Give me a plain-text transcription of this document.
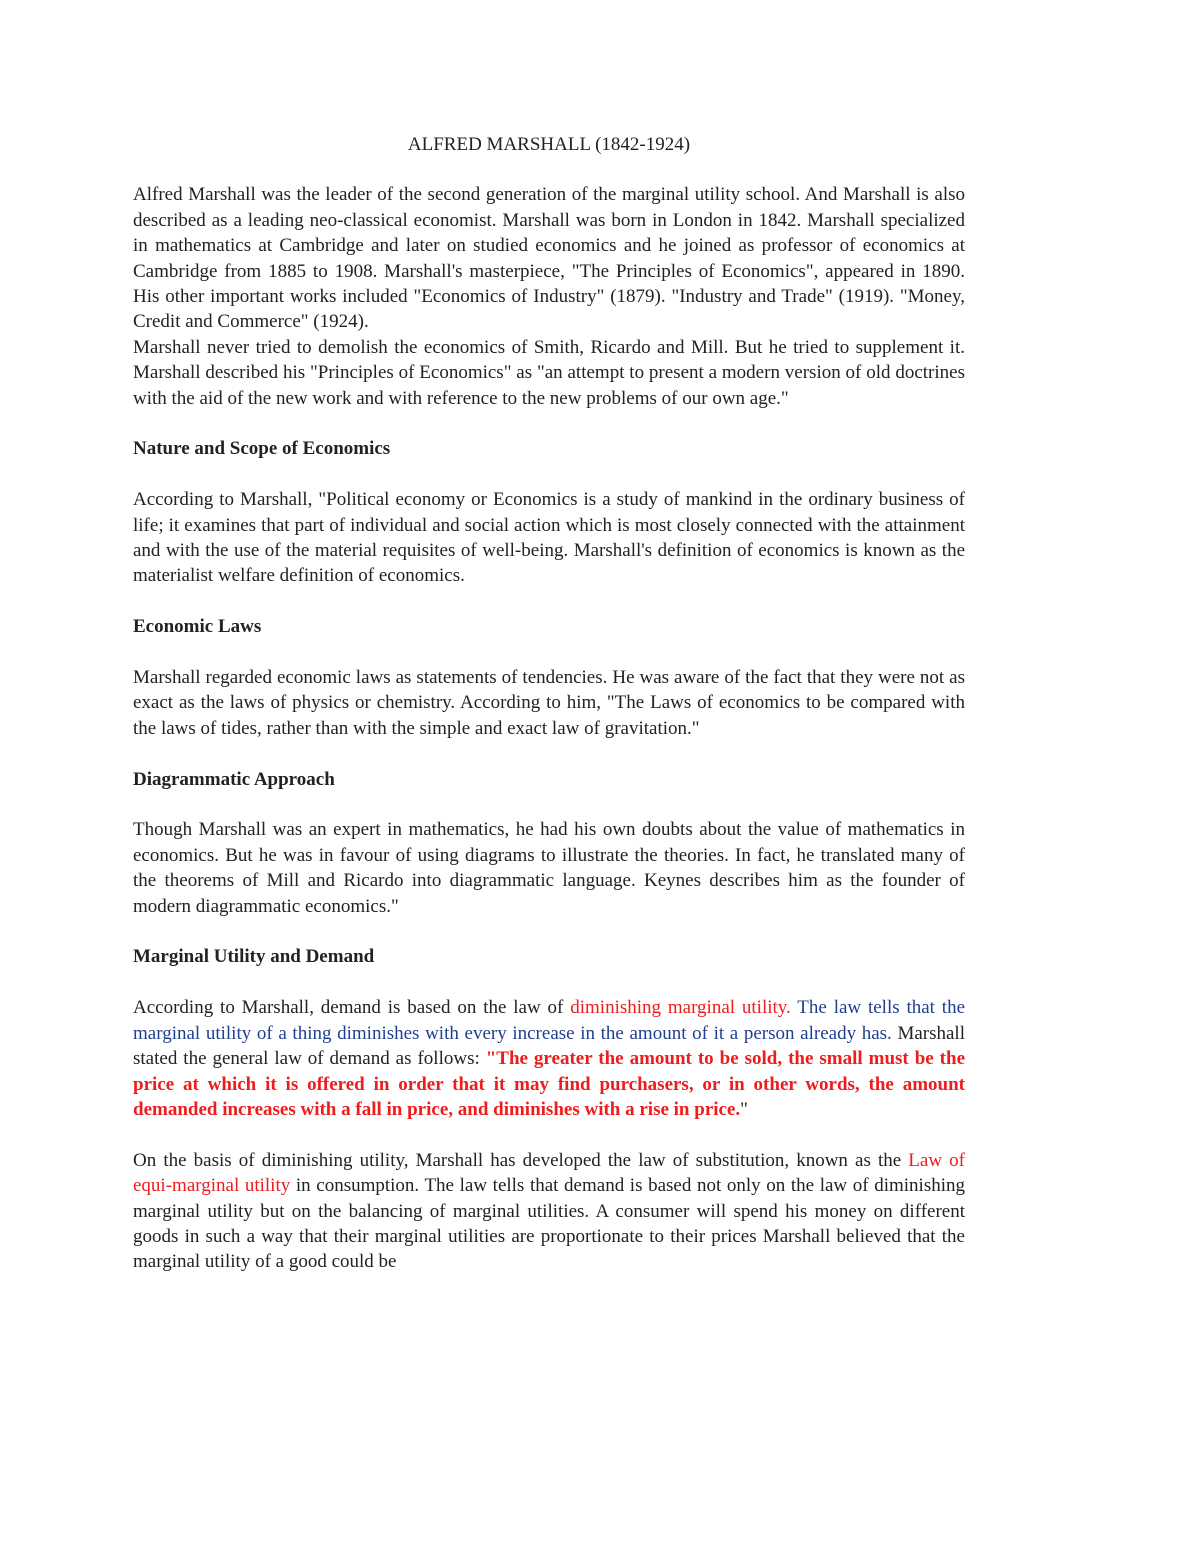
ALFRED MARSHALL (1842-1924)

Alfred Marshall was the leader of the second generation of the marginal utility school. And Marshall is also described as a leading neo-classical economist. Marshall was born in London in 1842. Marshall specialized in mathematics at Cambridge and later on studied economics and he joined as professor of economics at Cambridge from 1885 to 1908. Marshall's masterpiece, "The Principles of Economics", appeared in 1890. His other important works included "Economics of Industry" (1879). "Industry and Trade" (1919). "Money, Credit and Commerce" (1924).

Marshall never tried to demolish the economics of Smith, Ricardo and Mill. But he tried to supplement it. Marshall described his "Principles of Economics" as "an attempt to present a modern version of old doctrines with the aid of the new work and with reference to the new problems of our own age."

Nature and Scope of Economics

According to Marshall, "Political economy or Economics is a study of mankind in the ordinary business of life; it examines that part of individual and social action which is most closely connected with the attainment and with the use of the material requisites of well-being. Marshall's definition of economics is known as the materialist welfare definition of economics.

Economic Laws

Marshall regarded economic laws as statements of tendencies. He was aware of the fact that they were not as exact as the laws of physics or chemistry. According to him, "The Laws of economics to be compared with the laws of tides, rather than with the simple and exact law of gravitation."

Diagrammatic Approach

Though Marshall was an expert in mathematics, he had his own doubts about the value of mathematics in economics. But he was in favour of using diagrams to illustrate the theories. In fact, he translated many of the theorems of Mill and Ricardo into diagrammatic language. Keynes describes him as the founder of modern diagrammatic economics."

Marginal Utility and Demand

According to Marshall, demand is based on the law of diminishing marginal utility. The law tells that the marginal utility of a thing diminishes with every increase in the amount of it a person already has. Marshall stated the general law of demand as follows: "The greater the amount to be sold, the small must be the price at which it is offered in order that it may find purchasers, or in other words, the amount demanded increases with a fall in price, and diminishes with a rise in price."

On the basis of diminishing utility, Marshall has developed the law of substitution, known as the Law of equi-marginal utility in consumption. The law tells that demand is based not only on the law of diminishing marginal utility but on the balancing of marginal utilities. A consumer will spend his money on different goods in such a way that their marginal utilities are proportionate to their prices Marshall believed that the marginal utility of a good could be
